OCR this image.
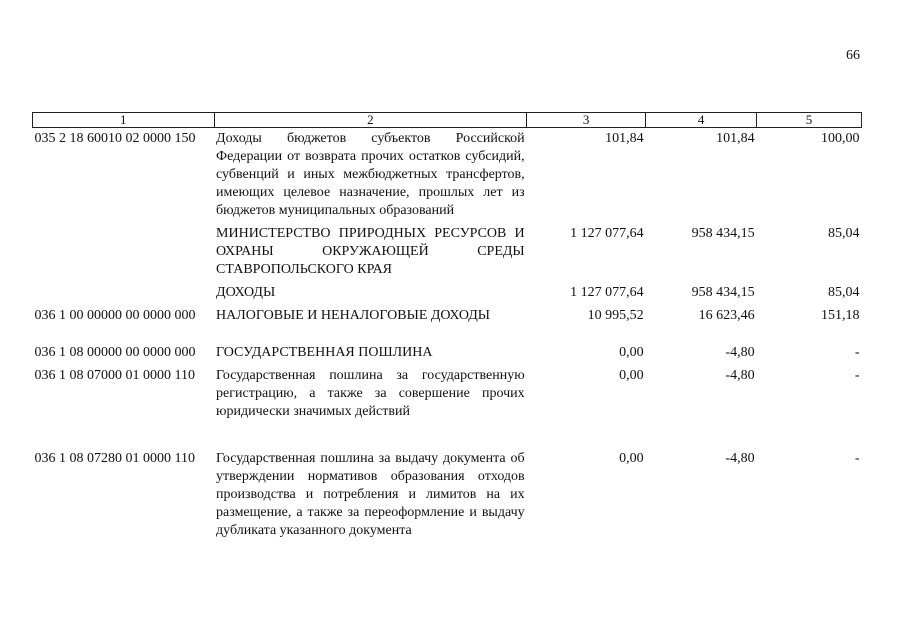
66
1	2	3	4	5
035 2 18 60010 02 0000 150	Доходы бюджетов субъектов Российской Федерации от возврата прочих остатков субсидий, субвенций и иных межбюджетных трансфертов, имеющих целевое назначение, прошлых лет из бюджетов муниципальных образований	101,84	101,84	100,00
	МИНИСТЕРСТВО ПРИРОДНЫХ РЕСУРСОВ И ОХРАНЫ ОКРУЖАЮЩЕЙ СРЕДЫ СТАВРОПОЛЬСКОГО КРАЯ	1 127 077,64	958 434,15	85,04
	ДОХОДЫ	1 127 077,64	958 434,15	85,04
036 1 00 00000 00 0000 000	НАЛОГОВЫЕ И НЕНАЛОГОВЫЕ ДОХОДЫ	10 995,52	16 623,46	151,18

036 1 08 00000 00 0000 000	ГОСУДАРСТВЕННАЯ ПОШЛИНА	0,00	-4,80	-
036 1 08 07000 01 0000 110	Государственная пошлина за государственную регистрацию, а также за совершение прочих юридически значимых действий	0,00	-4,80	-

036 1 08 07280 01 0000 110	Государственная пошлина за выдачу документа об утверждении нормативов образования отходов производства и потребления и лимитов на их размещение, а также за переоформление и выдачу дубликата указанного документа	0,00	-4,80	-
